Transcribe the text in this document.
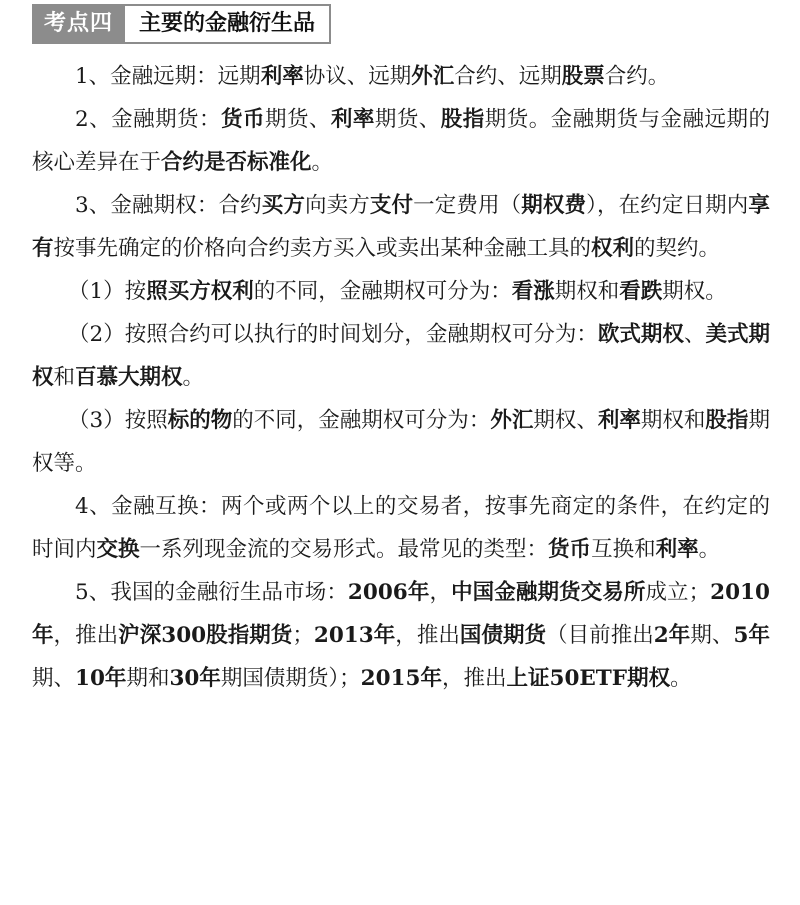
考点四	主要的金融衍生品

1、金融远期：远期利率协议、远期外汇合约、远期股票合约。

2、金融期货：货币期货、利率期货、股指期货。金融期货与金融远期的核心差异在于合约是否标准化。

3、金融期权：合约买方向卖方支付一定费用（期权费），在约定日期内享有按事先确定的价格向合约卖方买入或卖出某种金融工具的权利的契约。

（1）按照买方权利的不同，金融期权可分为：看涨期权和看跌期权。

（2）按照合约可以执行的时间划分，金融期权可分为：欧式期权、美式期权和百慕大期权。

（3）按照标的物的不同，金融期权可分为：外汇期权、利率期权和股指期权等。

4、金融互换：两个或两个以上的交易者，按事先商定的条件，在约定的时间内交换一系列现金流的交易形式。最常见的类型：货币互换和利率。

5、我国的金融衍生品市场：2006年，中国金融期货交易所成立；2010年，推出沪深300股指期货；2013年，推出国债期货（目前推出2年期、5年期、10年期和30年期国债期货）；2015年，推出上证50ETF期权。
